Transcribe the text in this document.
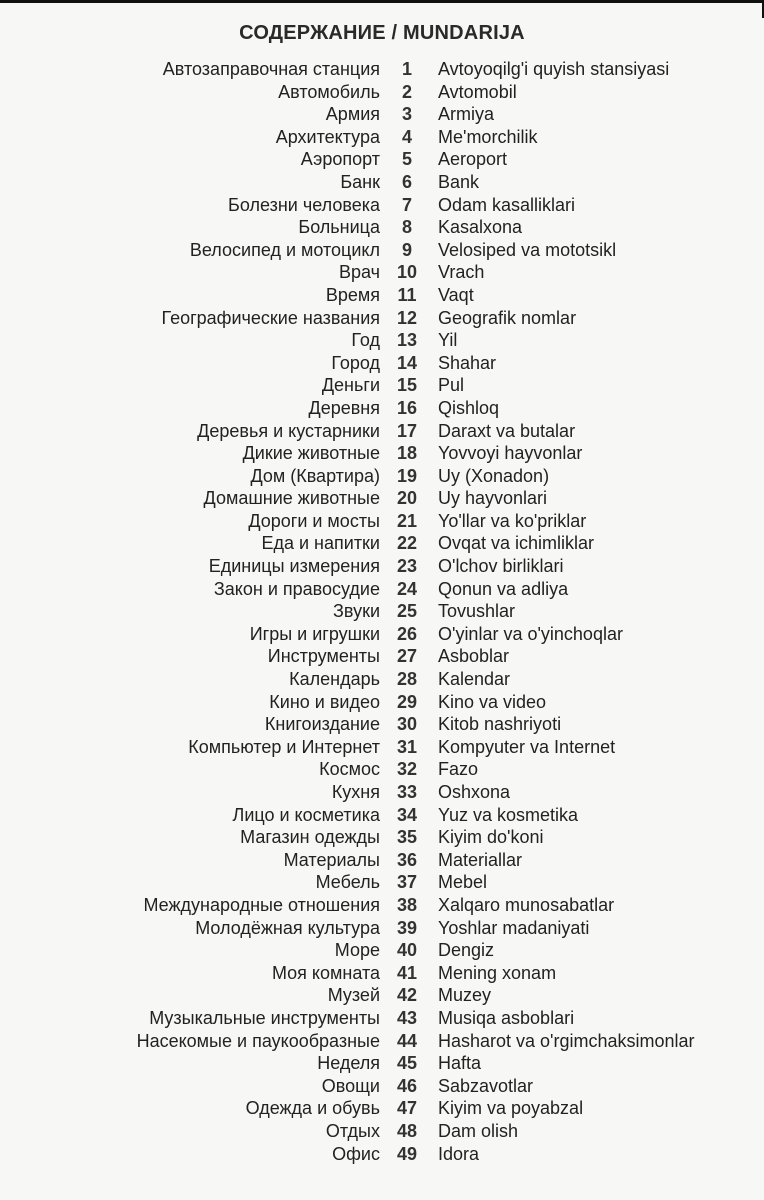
СОДЕРЖАНИЕ / MUNDARIJA
Автозаправочная станция	1	Avtoyoqilg'i quyish stansiyasi
Автомобиль	2	Avtomobil
Армия	3	Armiya
Архитектура	4	Me'morchilik
Аэропорт	5	Aeroport
Банк	6	Bank
Болезни человека	7	Odam kasalliklari
Больница	8	Kasalxona
Велосипед и мотоцикл	9	Velosiped va mototsikl
Врач 10 Vrach
Время 11	Vaqt
Географические названия 12 Geografik nomlar
Год 13 Yil
Город 14 Shahar
Деньги 15 Pul
Деревня 16 Qishloq
Деревья и кустарники 17 Daraxt va butalar
Дикие животные 18 Yovvoyi hayvonlar
Дом (Квартира) 19 Uy (Xonadon)
Домашние животные 20 Uy hayvonlari
Дороги и мосты 21 Yo'llar va ko'priklar
Еда и напитки 22 Ovqat va ichimliklar
Единицы измерения 23 O'lchov birliklari
Закон и правосудие 24 Qonun va adliya
Звуки 25 Tovushlar
Игры и игрушки 26 O'yinlar va o'yinchoqlar
Инструменты 27 Asboblar
Календарь 28 Kalendar
Кино и видео 29 Kino va video
Книгоиздание 30 Kitob nashriyoti
Компьютер и Интернет 31 Kompyuter va Internet
Космос 32 Fazo
Кухня 33 Oshxona
Лицо и косметика 34 Yuz va kosmetika
Магазин одежды 35 Kiyim do'koni
Материалы 36 Materiallar
Мебель 37 Mebel
Международные отношения 38 Xalqaro munosabatlar
Молодёжная культура 39 Yoshlar madaniyati
Море 40 Dengiz
Моя комната 41 Mening xonam
Музей 42 Muzey
Музыкальные инструменты 43 Musiqa asboblari
Насекомые и паукообразные 44 Hasharot va o'rgimchaksimonlar
Неделя 45 Hafta
Овощи 46 Sabzavotlar
Одежда и обувь 47 Kiyim va poyabzal
Отдых 48 Dam olish
Офис 49 Idora
